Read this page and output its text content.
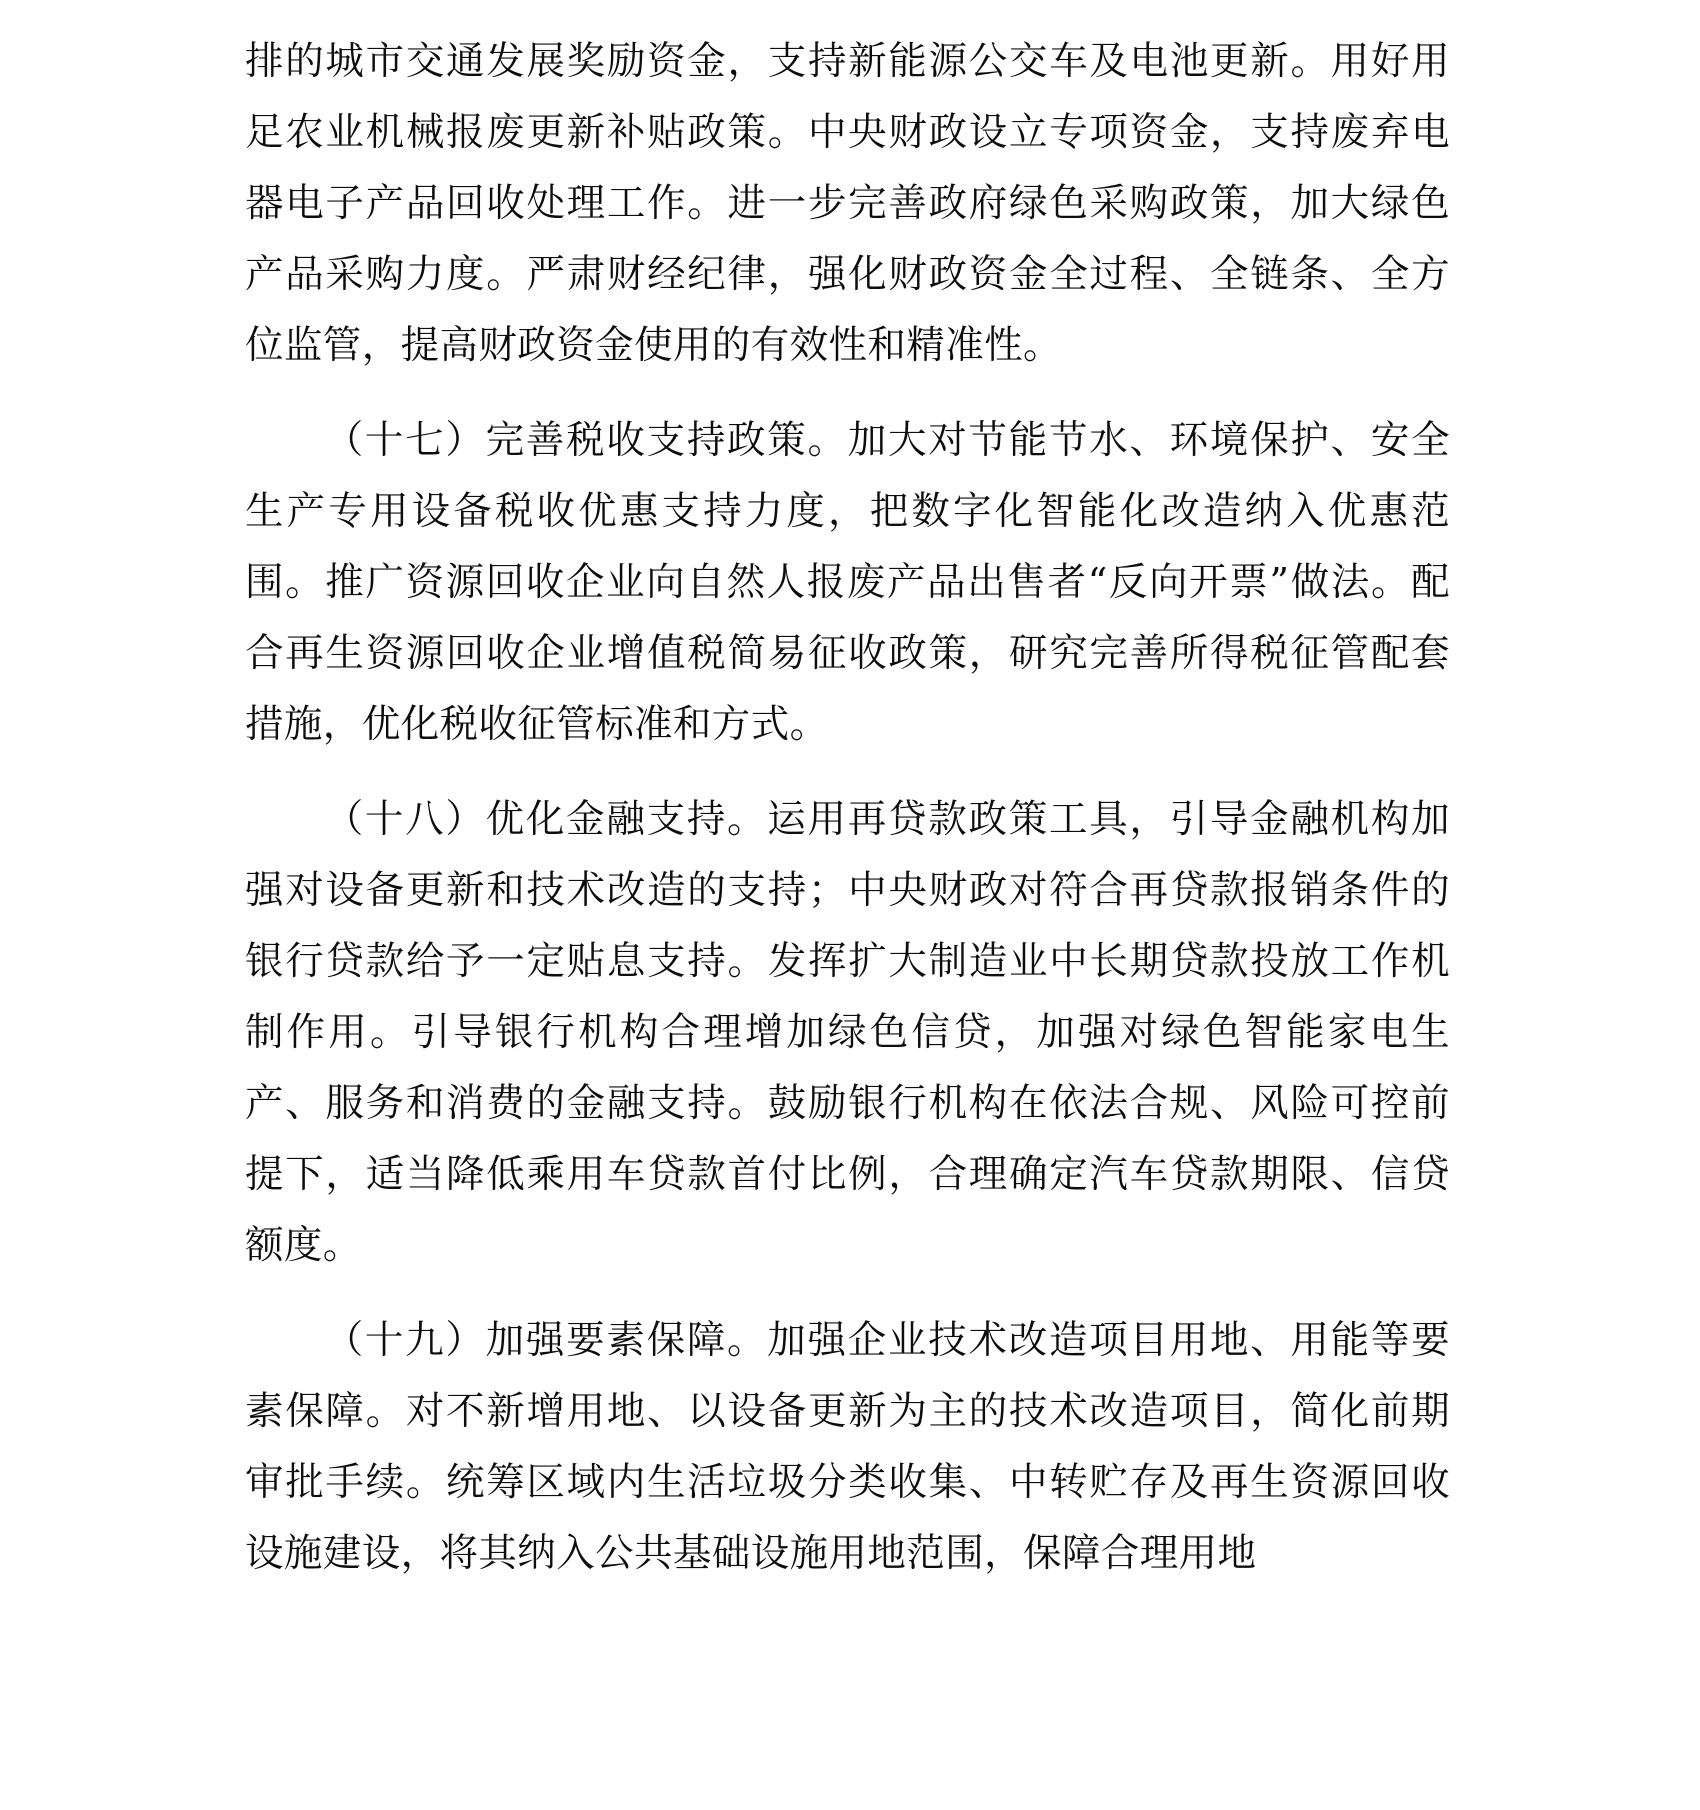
排的城市交通发展奖励资金，支持新能源公交车及电池更新。用好用足农业机械报废更新补贴政策。中央财政设立专项资金，支持废弃电器电子产品回收处理工作。进一步完善政府绿色采购政策，加大绿色产品采购力度。严肃财经纪律，强化财政资金全过程、全链条、全方位监管，提高财政资金使用的有效性和精准性。

（十七）完善税收支持政策。加大对节能节水、环境保护、安全生产专用设备税收优惠支持力度，把数字化智能化改造纳入优惠范围。推广资源回收企业向自然人报废产品出售者“反向开票”做法。配合再生资源回收企业增值税简易征收政策，研究完善所得税征管配套措施，优化税收征管标准和方式。

（十八）优化金融支持。运用再贷款政策工具，引导金融机构加强对设备更新和技术改造的支持；中央财政对符合再贷款报销条件的银行贷款给予一定贴息支持。发挥扩大制造业中长期贷款投放工作机制作用。引导银行机构合理增加绿色信贷，加强对绿色智能家电生产、服务和消费的金融支持。鼓励银行机构在依法合规、风险可控前提下，适当降低乘用车贷款首付比例，合理确定汽车贷款期限、信贷额度。

（十九）加强要素保障。加强企业技术改造项目用地、用能等要素保障。对不新增用地、以设备更新为主的技术改造项目，简化前期审批手续。统筹区域内生活垃圾分类收集、中转贮存及再生资源回收设施建设，将其纳入公共基础设施用地范围，保障合理用地
